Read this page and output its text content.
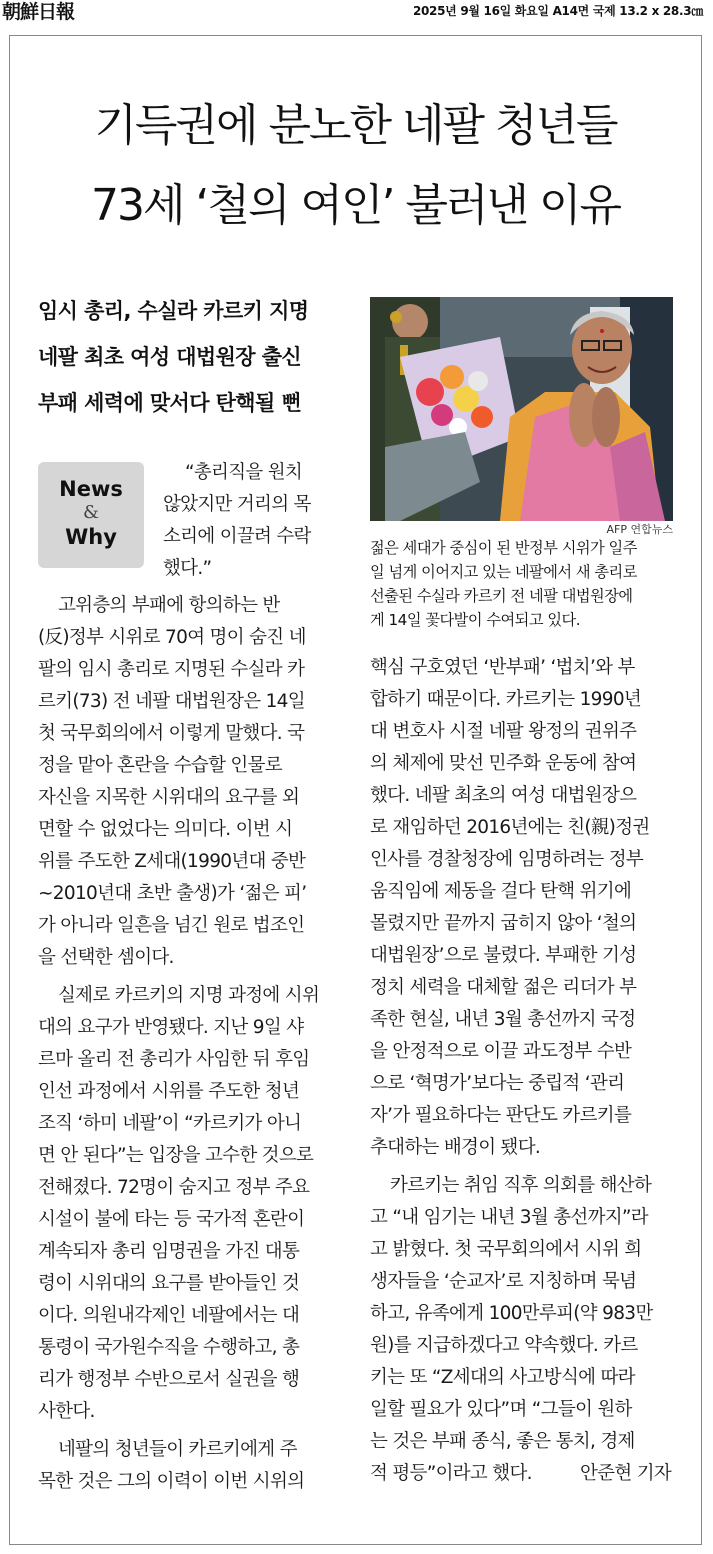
朝鮮日報	2025년 9월 16일 화요일 A14면 국제 13.2 x 28.3㎝
기득권에 분노한 네팔 청년들
73세 ‘철의 여인’ 불러낸 이유
임시 총리, 수실라 카르키 지명
네팔 최초 여성 대법원장 출신
부패 세력에 맞서다 탄핵될 뻔
News
&
Why	AFP 연합뉴스
젊은 세대가 중심이 된 반정부 시위가 일주
일 넘게 이어지고 있는 네팔에서 새 총리로
선출된 수실라 카르키 전 네팔 대법원장에
게 14일 꽃다발이 수여되고 있다.
“총리직을 원치
않았지만 거리의 목
소리에 이끌려 수락
했다.”
고위층의 부패에 항의하는 반
(反)정부 시위로 70여 명이 숨진 네
팔의 임시 총리로 지명된 수실라 카
르키(73) 전 네팔 대법원장은 14일
첫 국무회의에서 이렇게 말했다. 국
정을 맡아 혼란을 수습할 인물로
자신을 지목한 시위대의 요구를 외
면할 수 없었다는 의미다. 이번 시
위를 주도한 Z세대(1990년대 중반
~2010년대 초반 출생)가 ‘젊은 피’
가 아니라 일흔을 넘긴 원로 법조인
을 선택한 셈이다.
실제로 카르키의 지명 과정에 시위
대의 요구가 반영됐다. 지난 9일 샤
르마 올리 전 총리가 사임한 뒤 후임
인선 과정에서 시위를 주도한 청년
조직 ‘하미 네팔’이 “카르키가 아니
면 안 된다”는 입장을 고수한 것으로
전해졌다. 72명이 숨지고 정부 주요
시설이 불에 타는 등 국가적 혼란이
계속되자 총리 임명권을 가진 대통
령이 시위대의 요구를 받아들인 것
이다. 의원내각제인 네팔에서는 대
통령이 국가원수직을 수행하고, 총
리가 행정부 수반으로서 실권을 행
사한다.
네팔의 청년들이 카르키에게 주
목한 것은 그의 이력이 이번 시위의
핵심 구호였던 ‘반부패’ ‘법치’와 부
합하기 때문이다. 카르키는 1990년
대 변호사 시절 네팔 왕정의 권위주
의 체제에 맞선 민주화 운동에 참여
했다. 네팔 최초의 여성 대법원장으
로 재임하던 2016년에는 친(親)정권
인사를 경찰청장에 임명하려는 정부
움직임에 제동을 걸다 탄핵 위기에
몰렸지만 끝까지 굽히지 않아 ‘철의
대법원장’으로 불렸다. 부패한 기성
정치 세력을 대체할 젊은 리더가 부
족한 현실, 내년 3월 총선까지 국정
을 안정적으로 이끌 과도정부 수반
으로 ‘혁명가’보다는 중립적 ‘관리
자’가 필요하다는 판단도 카르키를
추대하는 배경이 됐다.
카르키는 취임 직후 의회를 해산하
고 “내 임기는 내년 3월 총선까지”라
고 밝혔다. 첫 국무회의에서 시위 희
생자들을 ‘순교자’로 지칭하며 묵념
하고, 유족에게 100만루피(약 983만
원)를 지급하겠다고 약속했다. 카르
키는 또 “Z세대의 사고방식에 따라
일할 필요가 있다”며 “그들이 원하
는 것은 부패 종식, 좋은 통치, 경제
적 평등”이라고 했다.	안준현 기자
